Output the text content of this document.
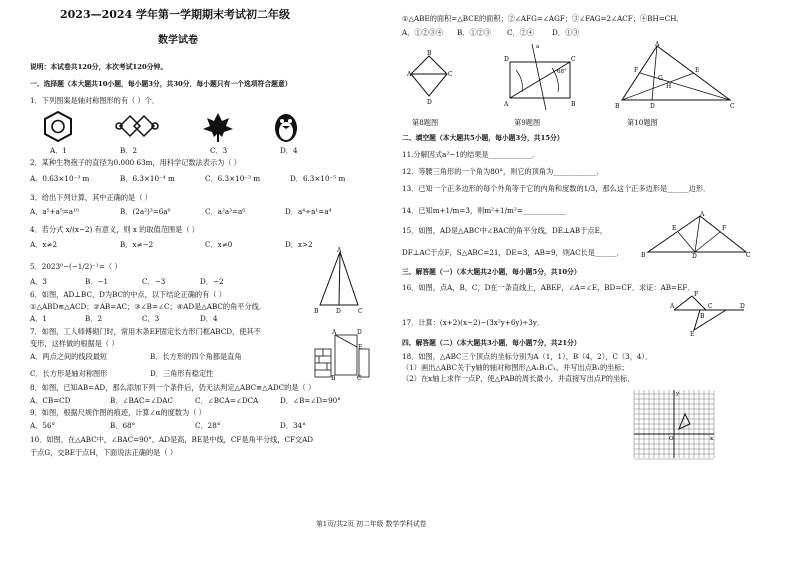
2023—2024 学年第一学期期末考试初二年级
数学试卷
说明：本试卷共120分，本次考试120分钟。
一、选择题（本大题共10小题，每小题3分，共30分．每小题只有一个选项符合题意）
1．下列图案是轴对称图形的有（ ）个．
A．1	B．2	C．3	D．4
2．某种生物孢子的直径为0.000 63m，用科学记数法表示为（ ）
A．0.63×10⁻³ m	B．6.3×10⁻⁴ m	C．6.3×10⁻³ m	D．6.3×10⁻⁵ m
3．给出下列计算，其中正确的是（ ）
A．a⁵+a⁵=a¹⁰	B．(2a²)³=6a⁶	C．a²a³=a⁶	D．a⁴÷a¹=a⁴
4．若分式 x/(x−2) 有意义，则 x 的取值范围是（ ）
A．x≠2	B．x≠−2	C．x≠0	D．x>2
5．2023⁰−(−1/2)⁻¹=（ ）
A．3	B．−1	C．−3	D．−2
6．如图，AD⊥BC，D为BC的中点，以下结论正确的有（ ）
①△ABD≌△ACD；②AB=AC；③∠B=∠C；④AD是△ABC的角平分线．
A．1	B．2	C．3	D．4
A
B	D	C
7．如图，工人师傅砌门时，常用木条EF固定长方形门框ABCD，使其不
变形，这样做的根据是（ ）
A．两点之间的线段最短	B．长方形的四个角都是直角
C．长方形是轴对称图形	D．三角形有稳定性
A	D
E
B	C
8．如图，已知AB=AD，那么添加下列一个条件后，仍无法判定△ABC≌△ADC的是（ ）
A．CB=CD	B．∠BAC=∠DAC	C．∠BCA=∠DCA	D．∠B=∠D=90°
9．如图，根据尺规作图的痕迹，计算∠α的度数为（ ）
A．56°	B．68°	C．28°	D．34°
10．如图，在△ABC中，∠BAC=90°，AD是高，BE是中线，CF是角平分线，CF交AD
于点G，交BE于点H，下面说法正确的是（ ）
①△ABE的面积=△BCE的面积；②∠AFG=∠AGF；③∠FAG=2∠ACF；④BH=CH．
A．①②③④ B．①②③ C．②④ D．①③
B
A	C
D
D	C
A	B
68°
a	A
B	C
D
E
F
G
H
第8题图	第9题图	第10题图
二、填空题（本大题共5小题，每小题3分，共15分）
11.分解因式a²−1的结果是____________．
12．等腰三角形的一个角为80°，则它的顶角为____________．
13．已知一个正多边形的每个外角等于它的内角和度数的1/3，那么这个正多边形是______边形．
14．已知m+1/m=3，则m²+1/m²=____________
15．如图，AD是△ABC中∠BAC的角平分线，DE⊥AB于点E，
DF⊥AC于点F，S△ABC=21，DE=3，AB=9，则AC长是______．
A
E	F
B	D	C
三、解答题（一）（本大题共2小题，每小题5分，共10分）
16．如图，点A，B，C，D在一条直线上，ABEF，∠A=∠E，BD=CF．求证：AB=EF．
A
B
C	D
E
F
17．计算：(x+2)(x−2)−(3x²y+6y)÷3y．
四、解答题（二）（本大题共3小题，每小题7分，共21分）
18．如图，△ABC三个顶点的坐标分别为A（1，1），B（4，2），C（3，4）．
（1）画出△ABC关于y轴的轴对称图形△A₁B₁C₁，并写出点B₁的坐标；
（2）在x轴上求作一点P，使△PAB的周长最小，并直接写出点P的坐标．
y
x
O
第1页/共2页 初二年级 数学学科试卷
